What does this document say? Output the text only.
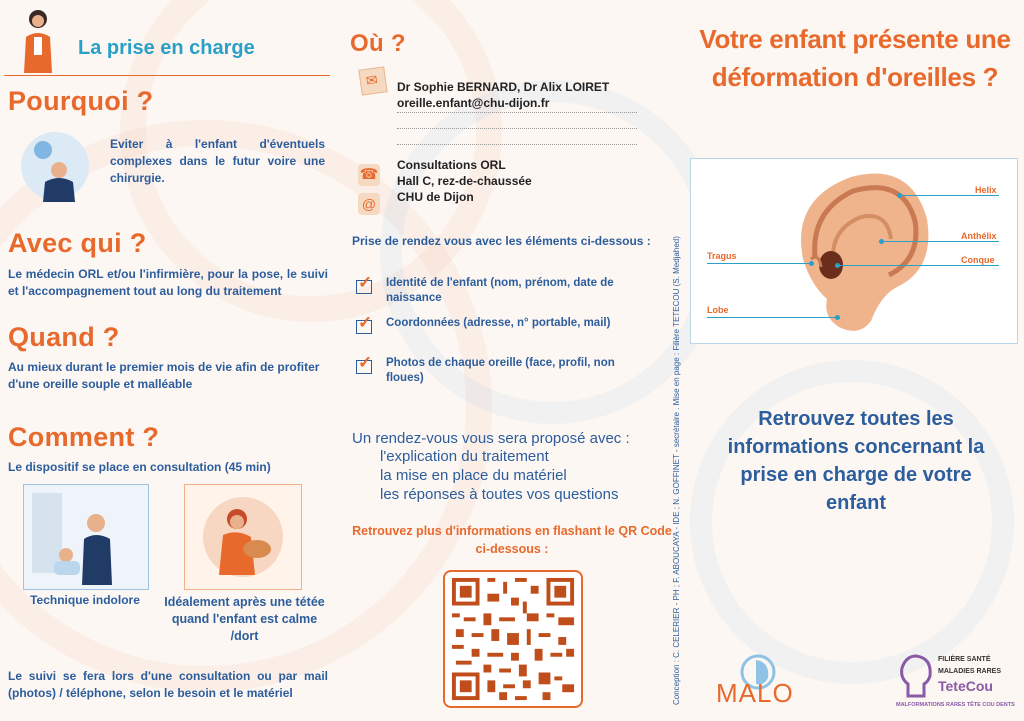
La prise en charge
Pourquoi ?
Eviter à l'enfant d'éventuels complexes dans le futur voire une chirurgie.
Avec qui ?
Le médecin ORL et/ou l'infirmière, pour la pose, le suivi et l'accompagnement tout au long du traitement
Quand ?
Au mieux durant le premier mois de vie afin de profiter d'une oreille souple et malléable
Comment ?
Le dispositif se place en consultation (45 min)
Technique indolore	Idéalement après une tétée quand l'enfant est calme /dort
Le suivi se fera lors d'une consultation ou par mail (photos) / téléphone, selon le besoin et le matériel
Où ?
✉ Dr Sophie BERNARD, Dr Alix LOIRET
oreille.enfant@chu-dijon.fr
☎
@
Consultations ORL
Hall C, rez-de-chaussée
CHU de Dijon
Prise de rendez vous avec les éléments ci-dessous :
✓
Identité de l'enfant (nom, prénom, date de naissance
✓
Coordonnées (adresse, n° portable, mail)
✓
Photos de chaque oreille (face, profil, non floues)
Un rendez-vous vous sera proposé avec :
l'explication du traitement
la mise en place du matériel
les réponses à toutes vos questions
Retrouvez plus d'informations en flashant le QR Code ci-dessous :	Conception : C. CELERIER - PH ; F. ABOUCAYA - IDE ; N. GOFFINET - secrétaire . Mise en page : Filière TETECOU (S. Medjahed)
Votre enfant présente une déformation d'oreilles ?
Helix
Anthélix
Tragus	Conque
Lobe
Retrouvez toutes les informations concernant la prise en charge de votre enfant
MALO
FILIÈRE SANTÉ
MALADIES RARES
TeteCou
MALFORMATIONS RARES TÊTE COU DENTS
